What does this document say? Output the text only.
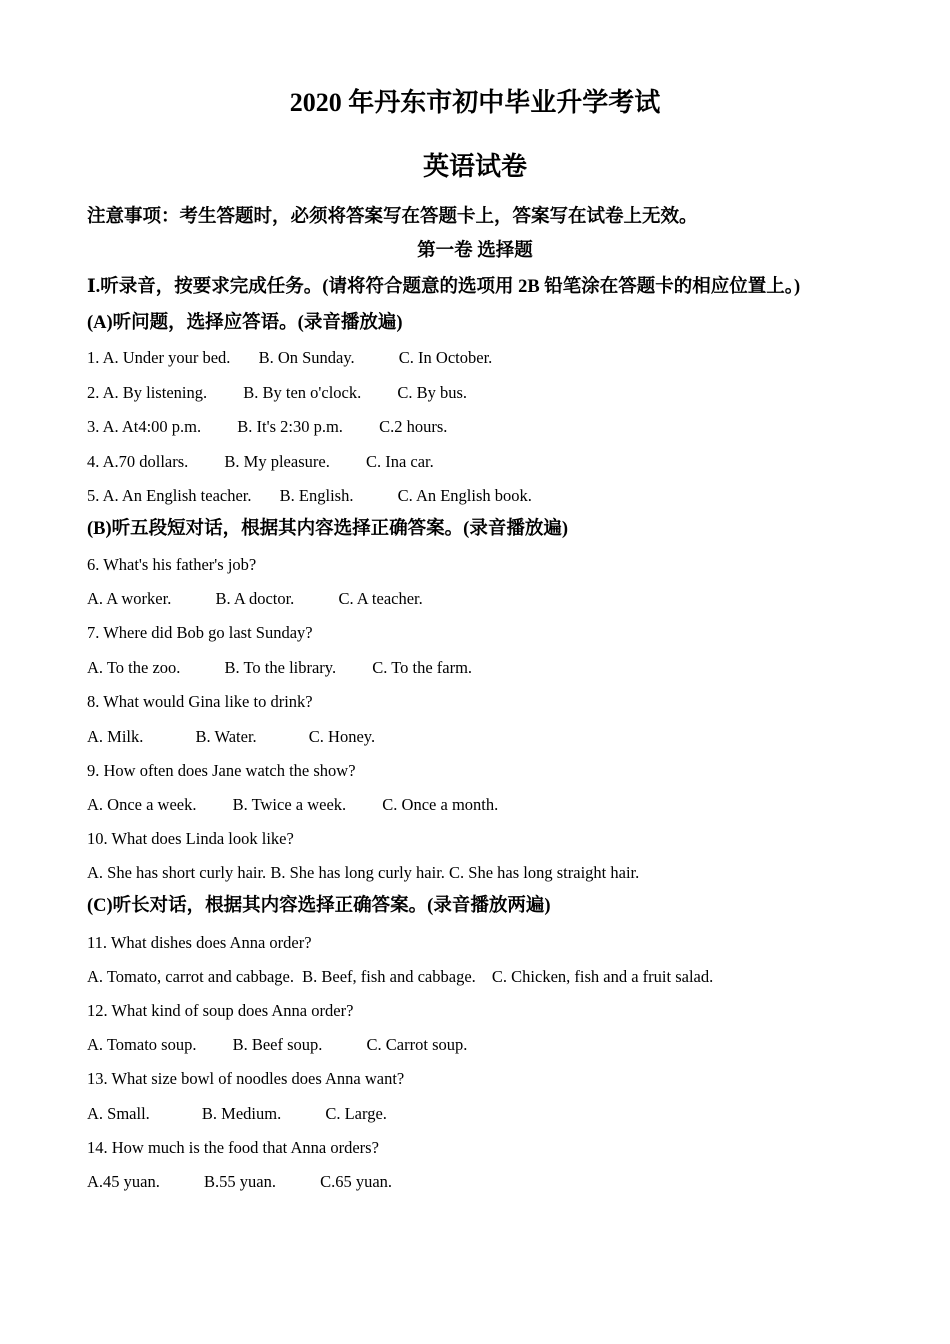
2020 年丹东市初中毕业升学考试
英语试卷
注意事项：考生答题时，必须将答案写在答题卡上，答案写在试卷上无效。
第一卷 选择题
Ⅰ.听录音，按要求完成任务。(请将符合题意的选项用 2B 铅笔涂在答题卡的相应位置上。)
(A)听问题，选择应答语。(录音播放遍)
1. A. Under your bed. B. On Sunday.	C. In October.
2. A. By listening. B. By ten o'clock. C. By bus.
3. A. At4:00 p.m. B. It's 2:30 p.m. C.2 hours.
4. A.70 dollars. B. My pleasure. C. Ina car.
5. A. An English teacher. B. English.	C. An English book.
(B)听五段短对话，根据其内容选择正确答案。(录音播放遍)
6. What's his father's job?
A. A worker.	B. A doctor.	C. A teacher.
7. Where did Bob go last Sunday?
A. To the zoo.	B. To the library. C. To the farm.
8. What would Gina like to drink?
A. Milk.	B. Water.	C. Honey.
9. How often does Jane watch the show?
A. Once a week. B. Twice a week. C. Once a month.
10. What does Linda look like?
A. She has short curly hair. B. She has long curly hair. C. She has long straight hair.
(C)听长对话，根据其内容选择正确答案。(录音播放两遍)
11. What dishes does Anna order?
A. Tomato, carrot and cabbage. B. Beef, fish and cabbage. C. Chicken, fish and a fruit salad.
12. What kind of soup does Anna order?
A. Tomato soup. B. Beef soup.	C. Carrot soup.
13. What size bowl of noodles does Anna want?
A. Small.	B. Medium.	C. Large.
14. How much is the food that Anna orders?
A.45 yuan.	B.55 yuan.	C.65 yuan.
